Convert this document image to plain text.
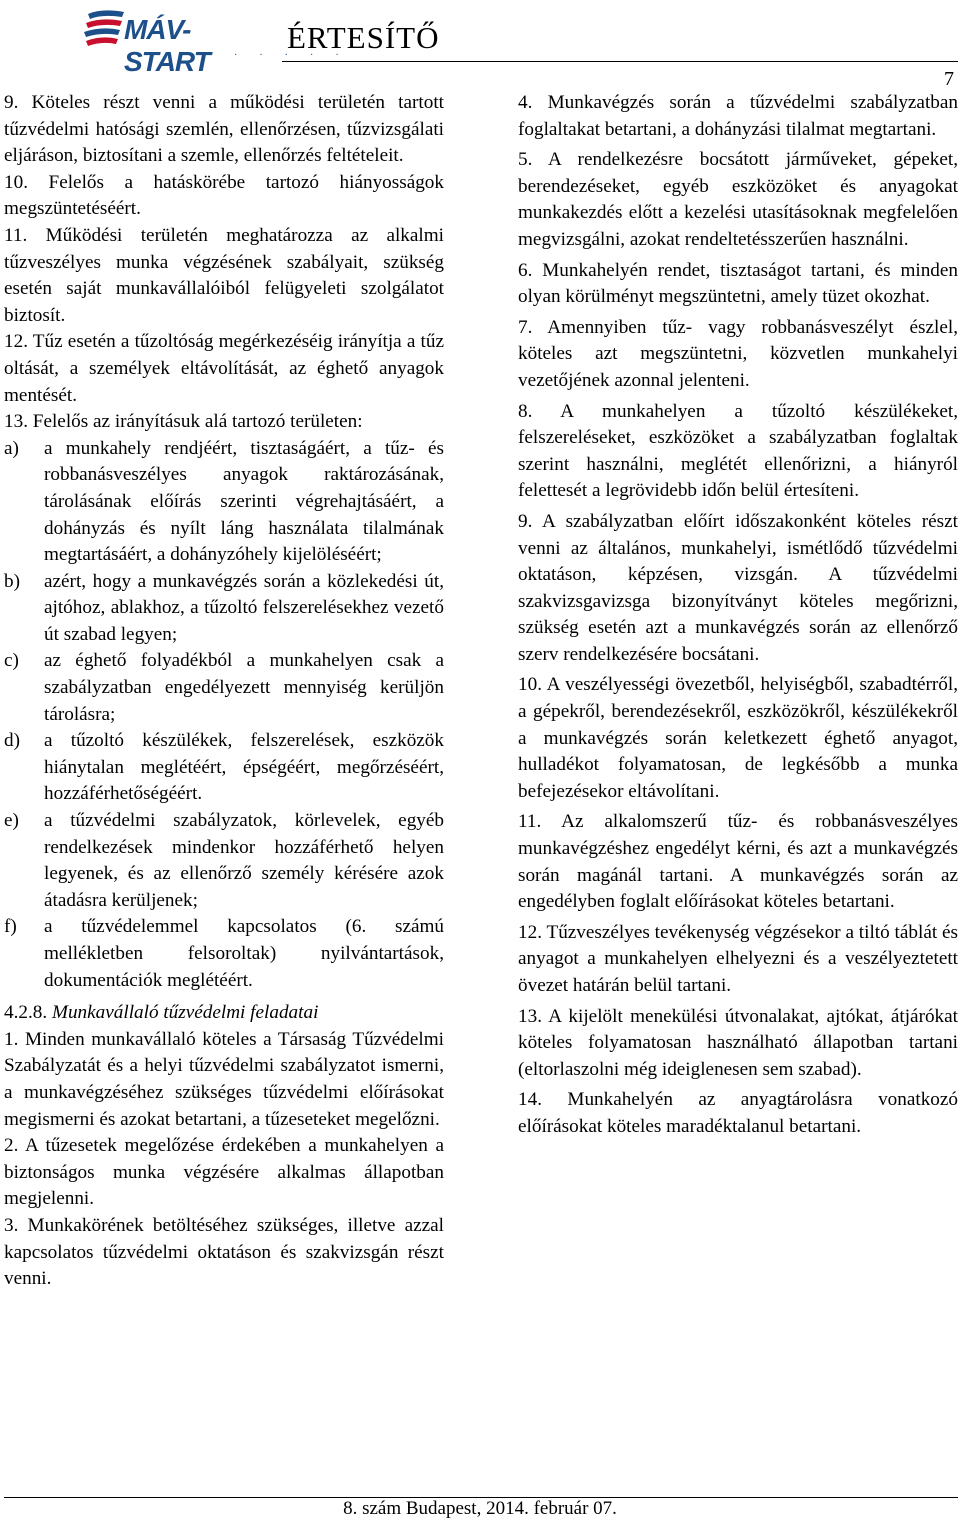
MÁV-START	·····
ÉRTESÍTŐ
7

9. Köteles részt venni a működési területén tartott tűzvédelmi hatósági szemlén, ellenőrzésen, tűzvizsgálati eljáráson, biztosítani a szemle, ellenőrzés feltételeit.

10. Felelős a hatáskörébe tartozó hiányosságok megszüntetéséért.

11. Működési területén meghatározza az alkalmi tűzveszélyes munka végzésének szabályait, szükség esetén saját munkavállalóiból felügyeleti szolgálatot biztosít.

12. Tűz esetén a tűzoltóság megérkezéséig irányítja a tűz oltását, a személyek eltávolítását, az éghető anyagok mentését.

13. Felelős az irányításuk alá tartozó területen:

a)	a munkahely rendjéért, tisztaságáért, a tűz- és robbanásveszélyes anyagok raktározásának, tárolásának előírás szerinti végrehajtásáért, a dohányzás és nyílt láng használata tilalmának megtartásáért, a dohányzóhely kijelöléséért;
b)	azért, hogy a munkavégzés során a közlekedési út, ajtóhoz, ablakhoz, a tűzoltó felszerelésekhez vezető út szabad legyen;
c)	az éghető folyadékból a munkahelyen csak a szabályzatban engedélyezett mennyiség kerüljön tárolásra;
d)	a tűzoltó készülékek, felszerelések, eszközök hiánytalan meglétéért, épségéért, megőrzéséért, hozzáférhetőségéért.
e)	a tűzvédelmi szabályzatok, körlevelek, egyéb rendelkezések mindenkor hozzáférhető helyen legyenek, és az ellenőrző személy kérésére azok átadásra kerüljenek;
f)	a tűzvédelemmel kapcsolatos (6. számú mellékletben felsoroltak) nyilvántartások, dokumentációk meglétéért.

4.2.8. Munkavállaló tűzvédelmi feladatai

1. Minden munkavállaló köteles a Társaság Tűzvédelmi Szabályzatát és a helyi tűzvédelmi szabályzatot ismerni, a munkavégzéséhez szükséges tűzvédelmi előírásokat megismerni és azokat betartani, a tűzeseteket megelőzni.

2. A tűzesetek megelőzése érdekében a munkahelyen a biztonságos munka végzésére alkalmas állapotban megjelenni.

3. Munkakörének betöltéséhez szükséges, illetve azzal kapcsolatos tűzvédelmi oktatáson és szakvizsgán részt venni.

4. Munkavégzés során a tűzvédelmi szabályzatban foglaltakat betartani, a dohányzási tilalmat megtartani.

5. A rendelkezésre bocsátott járműveket, gépeket, berendezéseket, egyéb eszközöket és anyagokat munkakezdés előtt a kezelési utasításoknak megfelelően megvizsgálni, azokat rendeltetésszerűen használni.

6. Munkahelyén rendet, tisztaságot tartani, és minden olyan körülményt megszüntetni, amely tüzet okozhat.

7. Amennyiben tűz- vagy robbanásveszélyt észlel, köteles azt megszüntetni, közvetlen munkahelyi vezetőjének azonnal jelenteni.

8. A munkahelyen a tűzoltó készülékeket, felszereléseket, eszközöket a szabályzatban foglaltak szerint használni, meglétét ellenőrizni, a hiányról felettesét a legrövidebb időn belül értesíteni.

9. A szabályzatban előírt időszakonként köteles részt venni az általános, munkahelyi, ismétlődő tűzvédelmi oktatáson, képzésen, vizsgán. A tűzvédelmi szakvizsgavizsga bizonyítványt köteles megőrizni, szükség esetén azt a munkavégzés során az ellenőrző szerv rendelkezésére bocsátani.

10. A veszélyességi övezetből, helyiségből, szabadtérről, a gépekről, berendezésekről, eszközökről, készülékekről a munkavégzés során keletkezett éghető anyagot, hulladékot folyamatosan, de legkésőbb a munka befejezésekor eltávolítani.

11. Az alkalomszerű tűz- és robbanásveszélyes munkavégzéshez engedélyt kérni, és azt a munkavégzés során magánál tartani. A munkavégzés során az engedélyben foglalt előírásokat köteles betartani.

12. Tűzveszélyes tevékenység végzésekor a tiltó táblát és anyagot a munkahelyen elhelyezni és a veszélyeztetett övezet határán belül tartani.

13. A kijelölt menekülési útvonalakat, ajtókat, átjárókat köteles folyamatosan használható állapotban tartani (eltorlaszolni még ideiglenesen sem szabad).

14. Munkahelyén az anyagtárolásra vonatkozó előírásokat köteles maradéktalanul betartani.

8. szám Budapest, 2014. február 07.
